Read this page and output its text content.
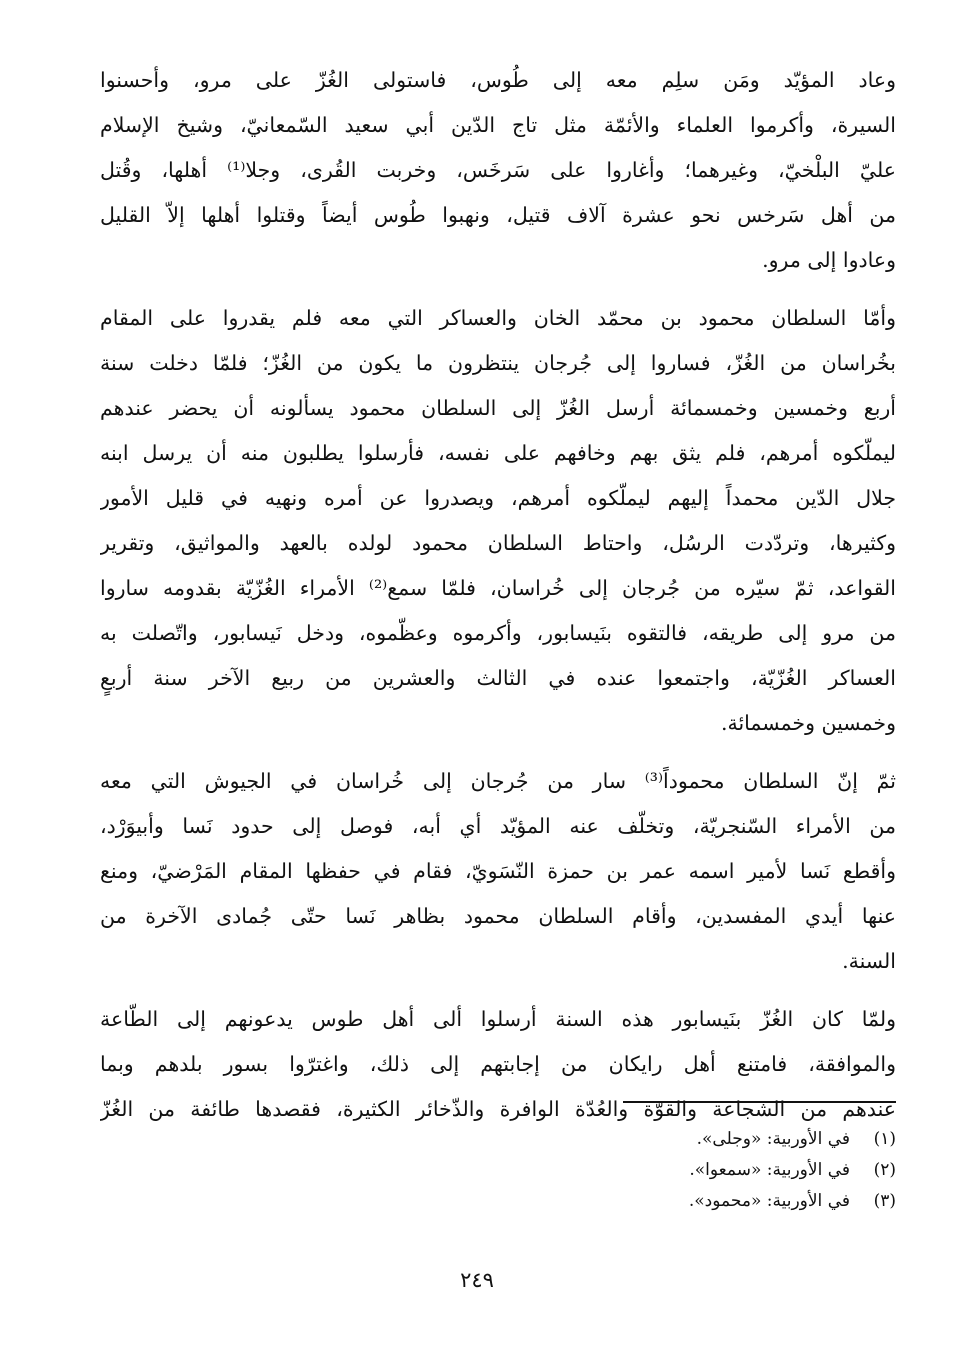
وعاد المؤيّد ومَن سلِم معه إلى طُوس، فاستولى الغُزّ على مرو، وأحسنوا
السيرة، وأكرموا العلماء والأئمّة مثل تاج الدّين أبي سعيد السّمعانيّ، وشيخ الإسلام
عليّ البلْخيّ، وغيرهما؛ وأغاروا على سَرخَس، وخربت القُرى، وجلا⁽¹⁾ أهلها، وقُتل
من أهل سَرخس نحو عشرة آلاف قتيل، ونهبوا طُوس أيضاً وقتلوا أهلها إلاّ القليل
وعادوا إلى مرو.

وأمّا السلطان محمود بن محمّد الخان والعساكر التي معه فلم يقدروا على المقام
بخُراسان من الغُزّ، فساروا إلى جُرجان ينتظرون ما يكون من الغُزّ؛ فلمّا دخلت سنة
أربع وخمسين وخمسمائة أرسل الغُزّ إلى السلطان محمود يسألونه أن يحضر عندهم
ليملّكوه أمرهم، فلم يثق بهم وخافهم على نفسه، فأرسلوا يطلبون منه أن يرسل ابنه
جلال الدّين محمداً إليهم ليملّكوه أمرهم، ويصدروا عن أمره ونهيه في قليل الأمور
وكثيرها، وتردّدت الرسُل، واحتاط السلطان محمود لولده بالعهد والمواثيق، وتقرير
القواعد، ثمّ سيّره من جُرجان إلى خُراسان، فلمّا سمع⁽²⁾ الأمراء الغُزّيّة بقدومه ساروا
من مرو إلى طريقه، فالتقوه بنَيسابور، وأكرموه وعظّموه، ودخل نَيسابور، واتّصلت به
العساكر الغُزّيّة، واجتمعوا عنده في الثالث والعشرين من ربيع الآخر سنة أربعٍ
وخمسين وخمسمائة.

ثمّ إنّ السلطان محموداً⁽³⁾ سار من جُرجان إلى خُراسان في الجيوش التي معه
من الأمراء السّنجريّة، وتخلّف عنه المؤيّد أي أبه، فوصل إلى حدود نَسا وأبيوَرْد،
وأقطع نَسا لأمير اسمه عمر بن حمزة النّسَويّ، فقام في حفظها المقام المَرْضيّ، ومنع
عنها أيدي المفسدين، وأقام السلطان محمود بظاهر نَسا حتّى جُمادى الآخرة من
السنة.

ولمّا كان الغُزّ بنَيسابور هذه السنة أرسلوا ألى أهل طوس يدعونهم إلى الطّاعة
والموافقة، فامتنع أهل رايكان من إجابتهم إلى ذلك، واغترّوا بسور بلدهم وبما
عندهم من الشجاعة والقوّة والعُدّة الوافرة والذّخائر الكثيرة، فقصدها طائفة من الغُزّ

(١)
في الأوربية: «وجلى».
(٢)
في الأوربية: «سمعوا».
(٣)
في الأوربية: «محمود».
٢٤٩
